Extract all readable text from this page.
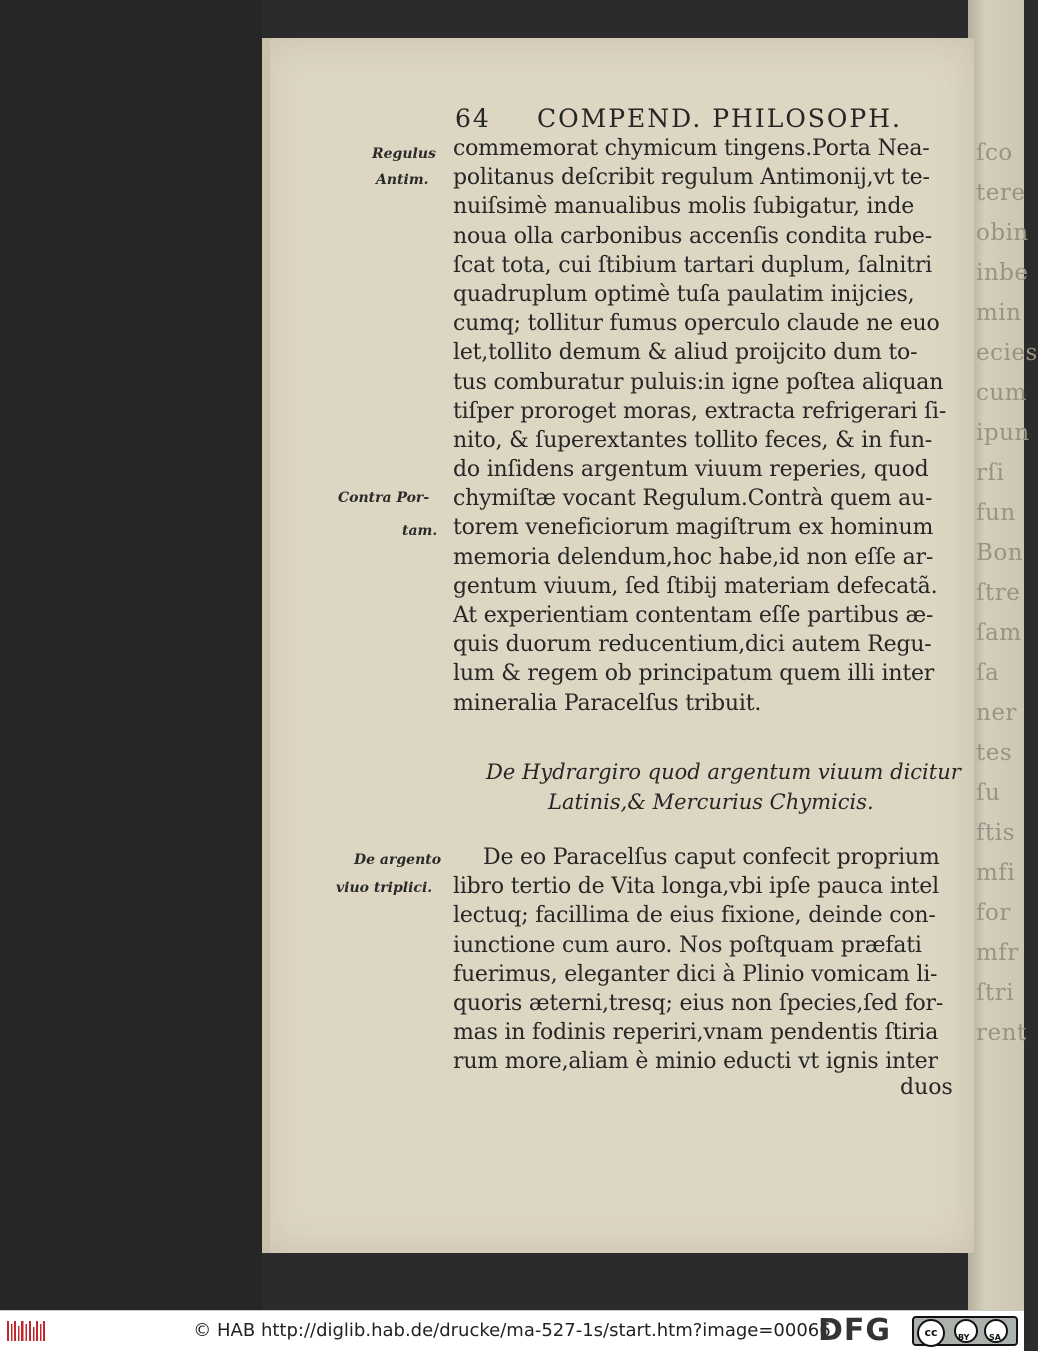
ſco
tere
obin
inbe
min
ecies
cum
ipun
rſi
fun
Bon
ſtre
ſam
ſa
ner
tes
ſu
ftis
mfi
for
mfr
ſtri
rent
64 COMPEND. PHILOSOPH.
Regulus
Antim.
Contra Por-
tam.
De argento
viuo triplici.
commemorat chymicum tingens.Porta Nea-
politanus deſcribit regulum Antimonij,vt te-
nuiſsimè manualibus molis ſubigatur, inde
noua olla carbonibus accenſis condita rube-
ſcat tota, cui ſtibium tartari duplum, ſalnitri
quadruplum optimè tuſa paulatim inijcies,
cumq; tollitur fumus operculo claude ne euo
let,tollito demum & aliud proijcito dum to-
tus comburatur puluis:in igne poſtea aliquan
tiſper proroget moras, extracta refrigerari ſi-
nito, & ſuperextantes tollito feces, & in fun-
do inſidens argentum viuum reperies, quod
chymiſtæ vocant Regulum.Contrà quem au-
torem veneficiorum magiſtrum ex hominum
memoria delendum,hoc habe,id non eſſe ar-
gentum viuum, ſed ſtibij materiam defecatã.
At experientiam contentam eſſe partibus æ-
quis duorum reducentium,dici autem Regu-
lum & regem ob principatum quem illi inter
mineralia Paracelſus tribuit.
De Hydrargiro quod argentum viuum dicitur
Latinis,& Mercurius Chymicis.
De eo Paracelſus caput confecit proprium
libro tertio de Vita longa,vbi ipſe pauca intel
lectuq; facillima de eius fixione, deinde con-
iunctione cum auro. Nos poſtquam præfati
fuerimus, eleganter dici à Plinio vomicam li-
quoris æterni,tresq; eius non ſpecies,ſed for-
mas in fodinis reperiri,vnam pendentis ſtiria
rum more,aliam è minio educti vt ignis inter
duos
© HAB http://diglib.hab.de/drucke/ma-527-1s/start.htm?image=00066
DFG	cc	BY SA
